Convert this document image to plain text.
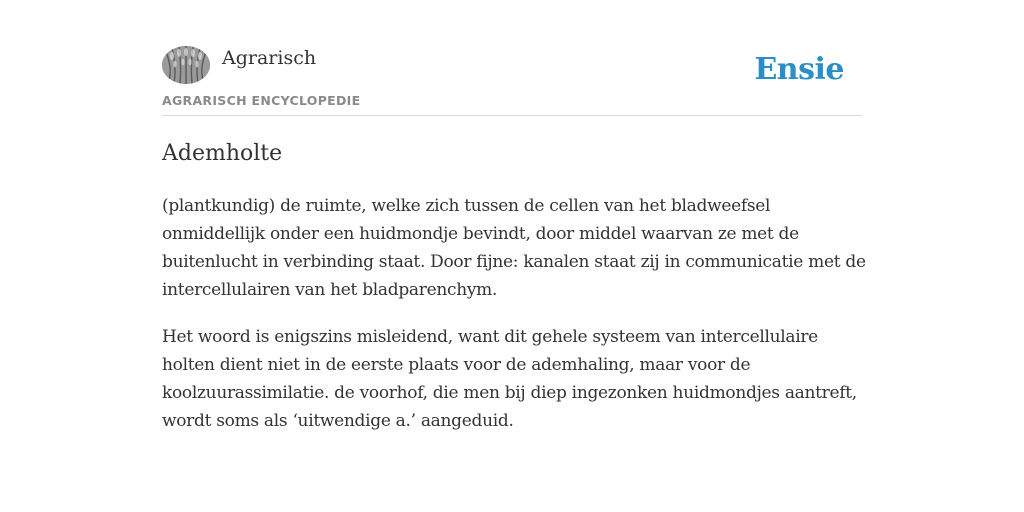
Agrarisch
AGRARISCH ENCYCLOPEDIE
Ensie
Ademholte

(plantkundig) de ruimte, welke zich tussen de cellen van het bladweefsel onmiddellijk onder een huidmondje bevindt, door middel waarvan ze met de buitenlucht in verbinding staat. Door fijne: kanalen staat zij in communicatie met de intercellulairen van het bladparenchym.

Het woord is enigszins misleidend, want dit gehele systeem van intercellulaire holten dient niet in de eerste plaats voor de ademhaling, maar voor de koolzuurassimilatie. de voorhof, die men bij diep ingezonken huidmondjes aantreft, wordt soms als ‘uitwendige a.’ aangeduid.
